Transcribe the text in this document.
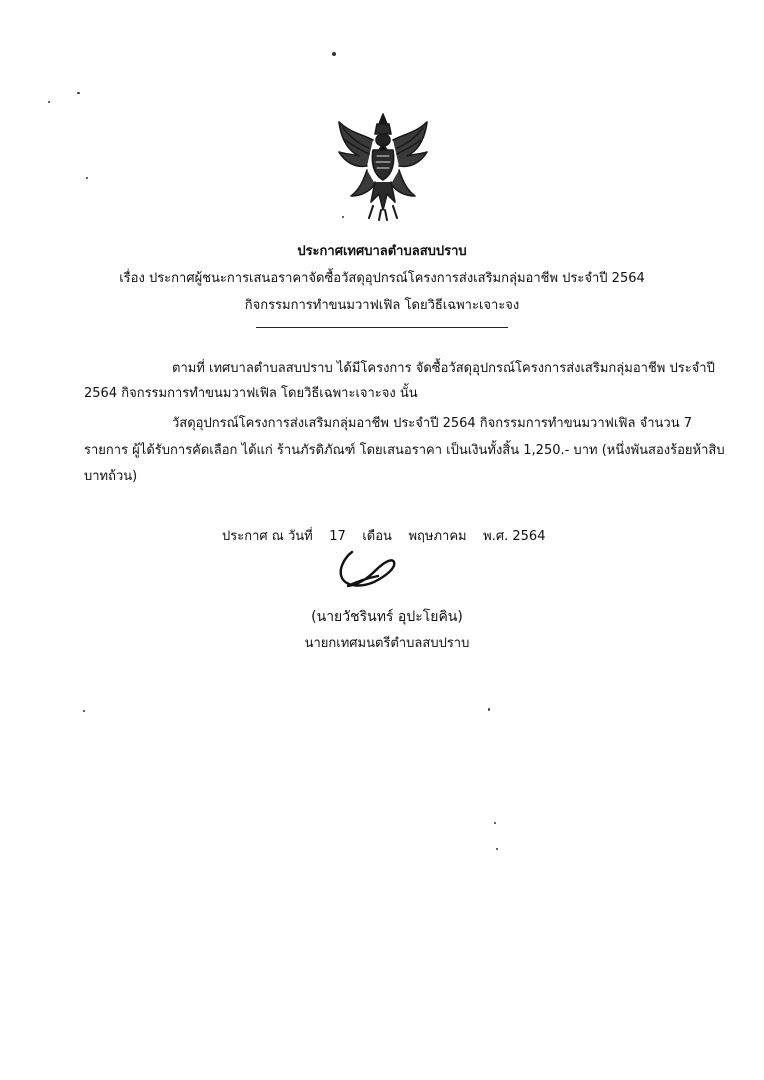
ประกาศเทศบาลตำบลสบปราบ
เรื่อง ประกาศผู้ชนะการเสนอราคาจัดซื้อวัสดุอุปกรณ์โครงการส่งเสริมกลุ่มอาชีพ ประจำปี 2564
กิจกรรมการทำขนมวาฟเฟิล โดยวิธีเฉพาะเจาะจง
ตามที่ เทศบาลตำบลสบปราบ ได้มีโครงการ จัดซื้อวัสดุอุปกรณ์โครงการส่งเสริมกลุ่มอาชีพ ประจำปี
2564 กิจกรรมการทำขนมวาฟเฟิล โดยวิธีเฉพาะเจาะจง นั้น
วัสดุอุปกรณ์โครงการส่งเสริมกลุ่มอาชีพ ประจำปี 2564 กิจกรรมการทำขนมวาฟเฟิล จำนวน 7
รายการ ผู้ได้รับการคัดเลือก ได้แก่ ร้านภัรดิภัณฑ์ โดยเสนอราคา เป็นเงินทั้งสิ้น 1,250.- บาท (หนึ่งพันสองร้อยห้าสิบ
บาทถ้วน)
ประกาศ ณ วันที่ 17 เดือน พฤษภาคม พ.ศ. 2564
(นายวัชรินทร์ อุปะโยคิน)
นายกเทศมนตรีตำบลสบปราบ
